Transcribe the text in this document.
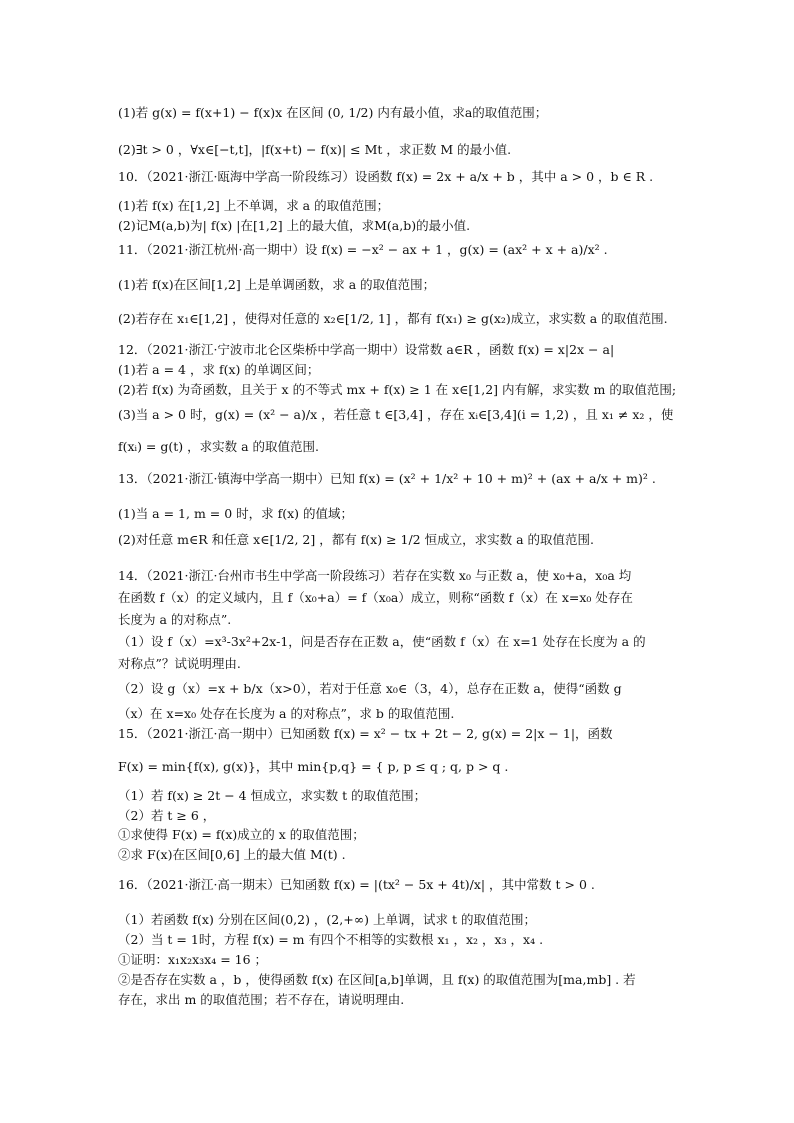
(1)若 g(x) = f(x+1) − f(x)x 在区间 (0, 1/2) 内有最小值，求a的取值范围；
(2)∃t > 0 ，∀x∈[−t,t]，|f(x+t) − f(x)| ≤ Mt ，求正数 M 的最小值.
10．（2021·浙江·瓯海中学高一阶段练习）设函数 f(x) = 2x + a/x + b ，其中 a > 0 ，b ∈ R .
(1)若 f(x) 在[1,2] 上不单调，求 a 的取值范围；
(2)记M(a,b)为| f(x) |在[1,2] 上的最大值，求M(a,b)的最小值.
11．（2021·浙江杭州·高一期中）设 f(x) = −x² − ax + 1 ，g(x) = (ax² + x + a)/x² .
(1)若 f(x)在区间[1,2] 上是单调函数，求 a 的取值范围；
(2)若存在 x₁∈[1,2] ，使得对任意的 x₂∈[1/2, 1] ，都有 f(x₁) ≥ g(x₂)成立，求实数 a 的取值范围.
12．（2021·浙江·宁波市北仑区柴桥中学高一期中）设常数 a∈R ，函数 f(x) = x|2x − a|
(1)若 a = 4 ，求 f(x) 的单调区间；
(2)若 f(x) 为奇函数，且关于 x 的不等式 mx + f(x) ≥ 1 在 x∈[1,2] 内有解，求实数 m 的取值范围;
(3)当 a > 0 时，g(x) = (x² − a)/x ，若任意 t ∈[3,4] ，存在 xᵢ∈[3,4](i = 1,2) ，且 x₁ ≠ x₂ ，使
f(xᵢ) = g(t) ，求实数 a 的取值范围.
13．（2021·浙江·镇海中学高一期中）已知 f(x) = (x² + 1/x² + 10 + m)² + (ax + a/x + m)² .
(1)当 a = 1, m = 0 时，求 f(x) 的值域；
(2)对任意 m∈R 和任意 x∈[1/2, 2] ，都有 f(x) ≥ 1/2 恒成立，求实数 a 的取值范围.
14．（2021·浙江·台州市书生中学高一阶段练习）若存在实数 x₀ 与正数 a，使 x₀+a，x₀a 均
在函数 f（x）的定义域内，且 f（x₀+a）= f（x₀a）成立，则称“函数 f（x）在 x=x₀ 处存在
长度为 a 的对称点”.
（1）设 f（x）=x³-3x²+2x-1，问是否存在正数 a，使“函数 f（x）在 x=1 处存在长度为 a 的
对称点”？试说明理由.
（2）设 g（x）=x + b/x（x>0），若对于任意 x₀∈（3，4），总存在正数 a，使得“函数 g
（x）在 x=x₀ 处存在长度为 a 的对称点”，求 b 的取值范围.
15．（2021·浙江·高一期中）已知函数 f(x) = x² − tx + 2t − 2, g(x) = 2|x − 1|，函数
F(x) = min{f(x), g(x)}，其中 min{p,q} = { p, p ≤ q ; q, p > q .
（1）若 f(x) ≥ 2t − 4 恒成立，求实数 t 的取值范围；
（2）若 t ≥ 6 ，
①求使得 F(x) = f(x)成立的 x 的取值范围；
②求 F(x)在区间[0,6] 上的最大值 M(t) .
16．（2021·浙江·高一期末）已知函数 f(x) = |(tx² − 5x + 4t)/x| ，其中常数 t > 0 .
（1）若函数 f(x) 分别在区间(0,2) ，(2,+∞) 上单调，试求 t 的取值范围；
（2）当 t = 1时，方程 f(x) = m 有四个不相等的实数根 x₁ ，x₂ ，x₃ ，x₄ .
①证明：x₁x₂x₃x₄ = 16 ；
②是否存在实数 a ，b ，使得函数 f(x) 在区间[a,b]单调，且 f(x) 的取值范围为[ma,mb] . 若
存在，求出 m 的取值范围；若不存在，请说明理由.
